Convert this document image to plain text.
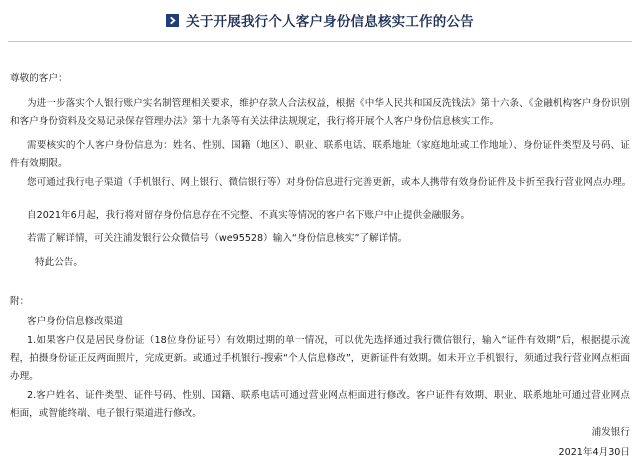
关于开展我行个人客户身份信息核实工作的公告
尊敬的客户：
为进一步落实个人银行账户实名制管理相关要求，维护存款人合法权益，根据《中华人民共和国反洗钱法》第十六条、《金融机构客户身份识别和客户身份资料及交易记录保存管理办法》第十九条等有关法律法规规定，我行将开展个人客户身份信息核实工作。
需要核实的个人客户身份信息为：姓名、性别、国籍（地区）、职业、联系电话、联系地址（家庭地址或工作地址）、身份证件类型及号码、证件有效期限。
您可通过我行电子渠道（手机银行、网上银行、微信银行等）对身份信息进行完善更新，或本人携带有效身份证件及卡折至我行营业网点办理。
自2021年6月起，我行将对留存身份信息存在不完整、不真实等情况的客户名下账户中止提供金融服务。
若需了解详情，可关注浦发银行公众微信号（we95528）输入“身份信息核实”了解详情。
特此公告。
附：
客户身份信息修改渠道
1.如果客户仅是居民身份证（18位身份证号）有效期过期的单一情况，可以优先选择通过我行微信银行，输入“证件有效期”后，根据提示流程，拍摄身份证正反两面照片，完成更新。或通过手机银行-搜索“个人信息修改”，更新证件有效期。如未开立手机银行，须通过我行营业网点柜面办理。
2.客户姓名、证件类型、证件号码、性别、国籍、联系电话可通过营业网点柜面进行修改。客户证件有效期、职业、联系地址可通过营业网点柜面，或智能终端、电子银行渠道进行修改。
浦发银行
2021年4月30日
